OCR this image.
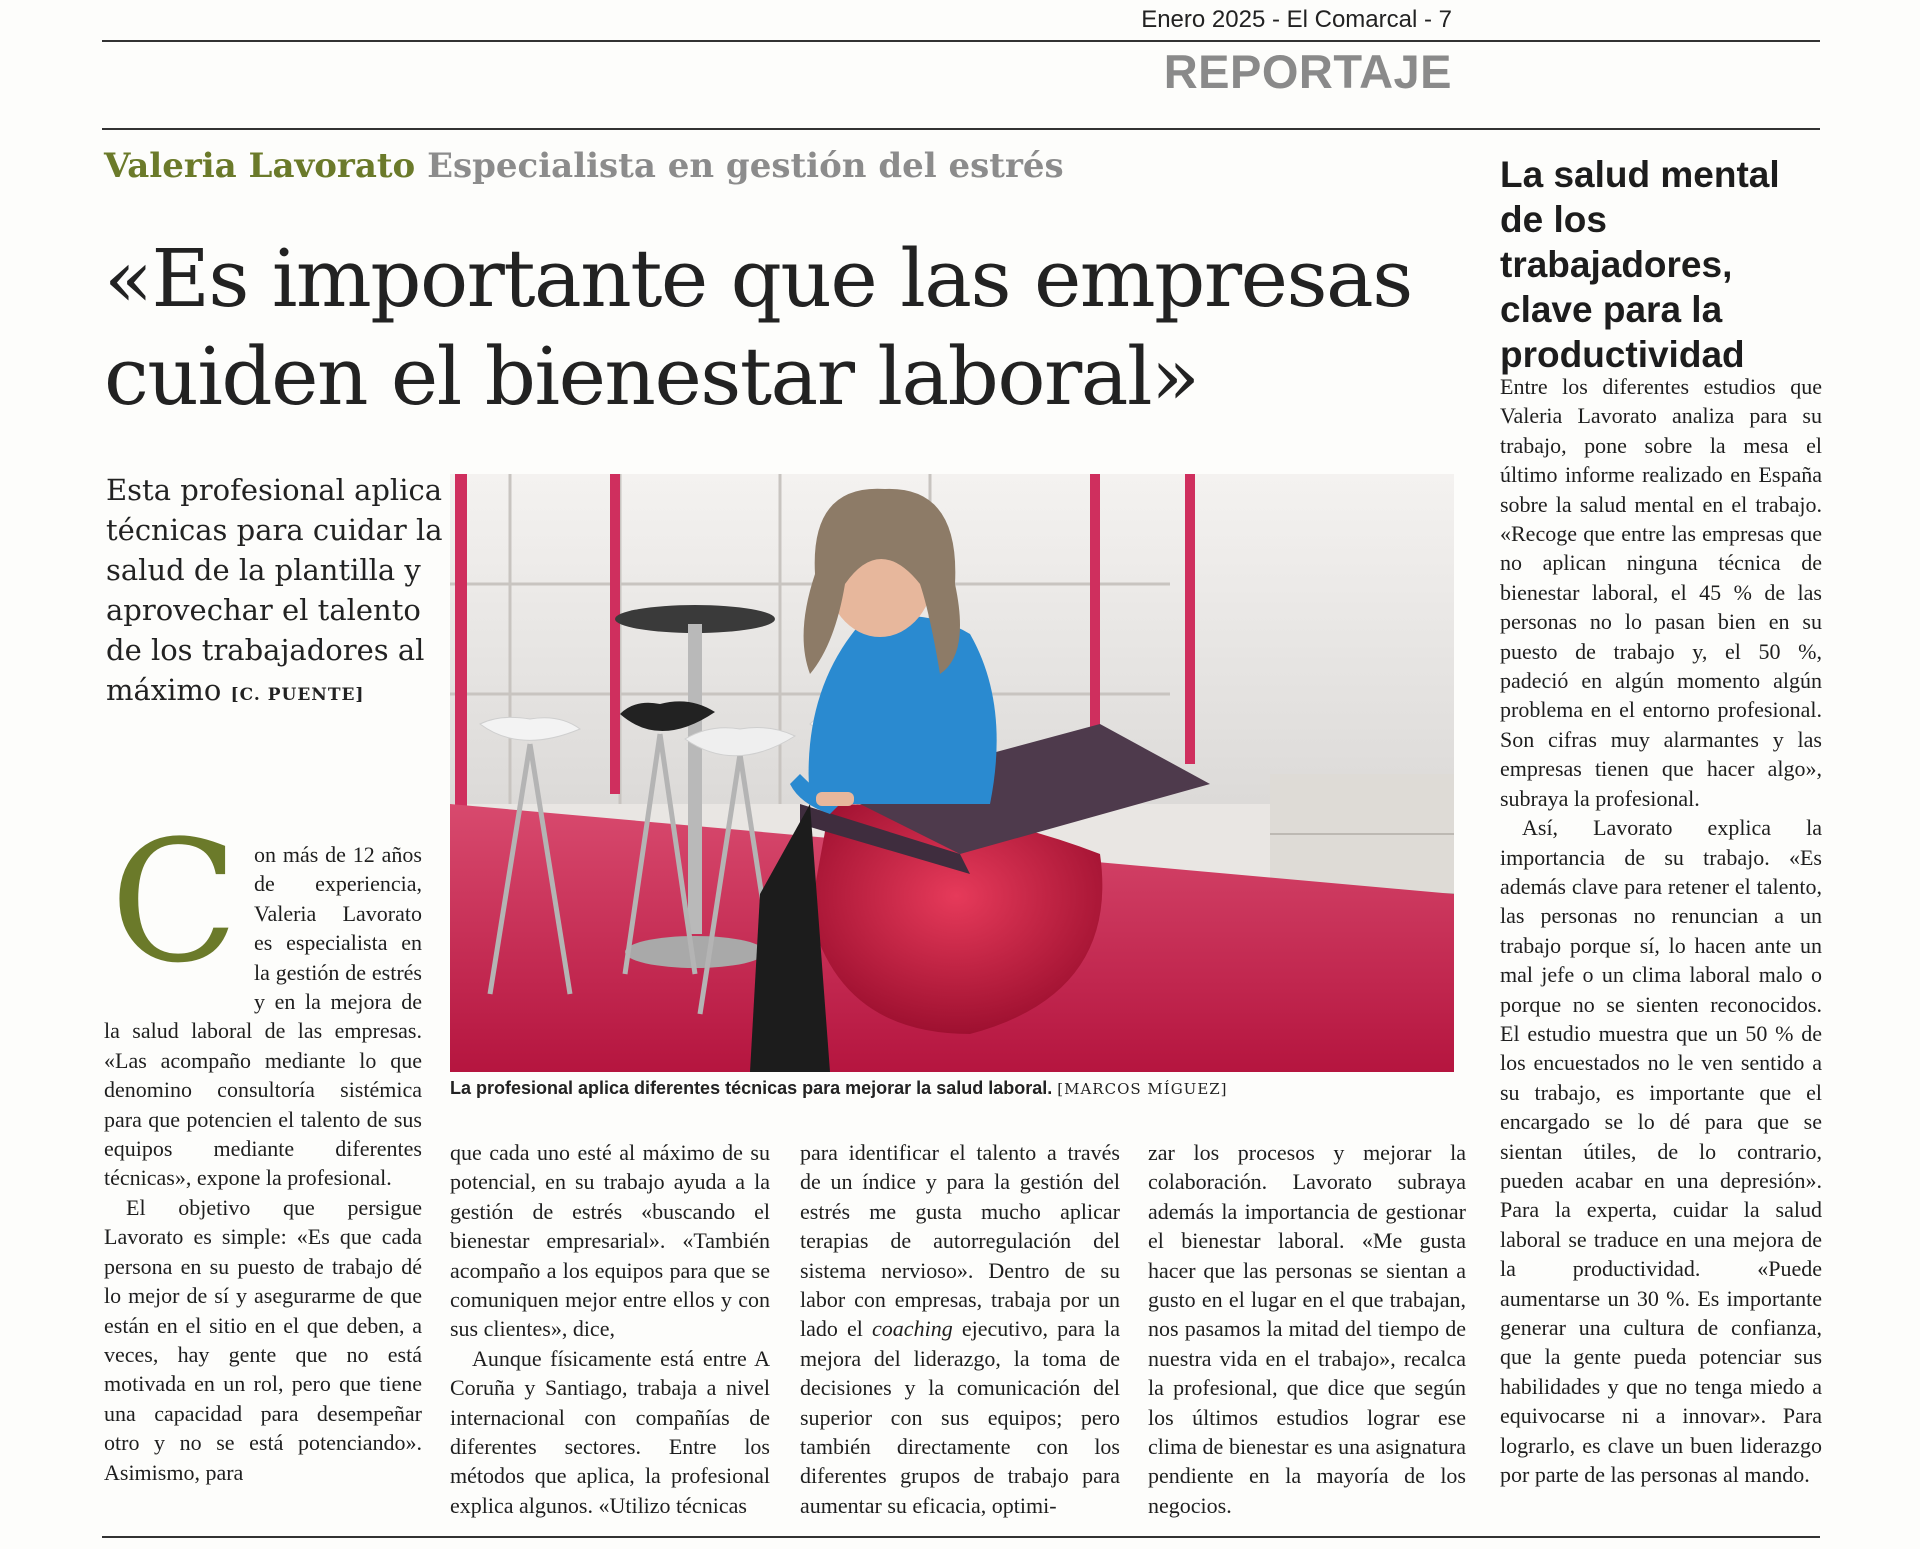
Enero 2025 - El Comarcal - 7
REPORTAJE
Valeria Lavorato Especialista en gestión del estrés
«Es importante que las empresas cuiden el bienestar laboral»
Esta profesional aplica técnicas para cuidar la salud de la plantilla y aprovechar el talento de los trabajadores al máximo [C. PUENTE]
La profesional aplica diferentes técnicas para mejorar la salud laboral. [MARCOS MÍGUEZ]
C on más de 12 años de experiencia, Valeria Lavorato es especialista en la gestión de estrés y en la mejora de la salud laboral de las empresas. «Las acompaño mediante lo que denomino consultoría sistémica para que potencien el talento de sus equipos mediante diferentes técnicas», expone la profesional.

El objetivo que persigue Lavorato es simple: «Es que cada persona en su puesto de trabajo dé lo mejor de sí y asegurarme de que están en el sitio en el que deben, a veces, hay gente que no está motivada en un rol, pero que tiene una capacidad para desempeñar otro y no se está potenciando». Asimismo, para

que cada uno esté al máximo de su potencial, en su trabajo ayuda a la gestión de estrés «buscando el bienestar empresarial». «También acompaño a los equipos para que se comuniquen mejor entre ellos y con sus clientes», dice,

Aunque físicamente está entre A Coruña y Santiago, trabaja a nivel internacional con compañías de diferentes sectores. Entre los métodos que aplica, la profesional explica algunos. «Utilizo técnicas

para identificar el talento a través de un índice y para la gestión del estrés me gusta mucho aplicar terapias de autorregulación del sistema nervioso». Dentro de su labor con empresas, trabaja por un lado el coaching ejecutivo, para la mejora del liderazgo, la toma de decisiones y la comunicación del superior con sus equipos; pero también directamente con los diferentes grupos de trabajo para aumentar su eficacia, optimi-

zar los procesos y mejorar la colaboración. Lavorato subraya además la importancia de gestionar el bienestar laboral. «Me gusta hacer que las personas se sientan a gusto en el lugar en el que trabajan, nos pasamos la mitad del tiempo de nuestra vida en el trabajo», recalca la profesional, que dice que según los últimos estudios lograr ese clima de bienestar es una asignatura pendiente en la mayoría de los negocios.

La salud mental de los trabajadores, clave para la productividad

Entre los diferentes estudios que Valeria Lavorato analiza para su trabajo, pone sobre la mesa el último informe realizado en España sobre la salud mental en el trabajo. «Recoge que entre las empresas que no aplican ninguna técnica de bienestar laboral, el 45 % de las personas no lo pasan bien en su puesto de trabajo y, el 50 %, padeció en algún momento algún problema en el entorno profesional. Son cifras muy alarmantes y las empresas tienen que hacer algo», subraya la profesional.

Así, Lavorato explica la importancia de su trabajo. «Es además clave para retener el talento, las personas no renuncian a un trabajo porque sí, lo hacen ante un mal jefe o un clima laboral malo o porque no se sienten reconocidos. El estudio muestra que un 50 % de los encuestados no le ven sentido a su trabajo, es importante que el encargado se lo dé para que se sientan útiles, de lo contrario, pueden acabar en una depresión». Para la experta, cuidar la salud laboral se traduce en una mejora de la productividad. «Puede aumentarse un 30 %. Es importante generar una cultura de confianza, que la gente pueda potenciar sus habilidades y que no tenga miedo a equivocarse ni a innovar». Para lograrlo, es clave un buen liderazgo por parte de las personas al mando.
